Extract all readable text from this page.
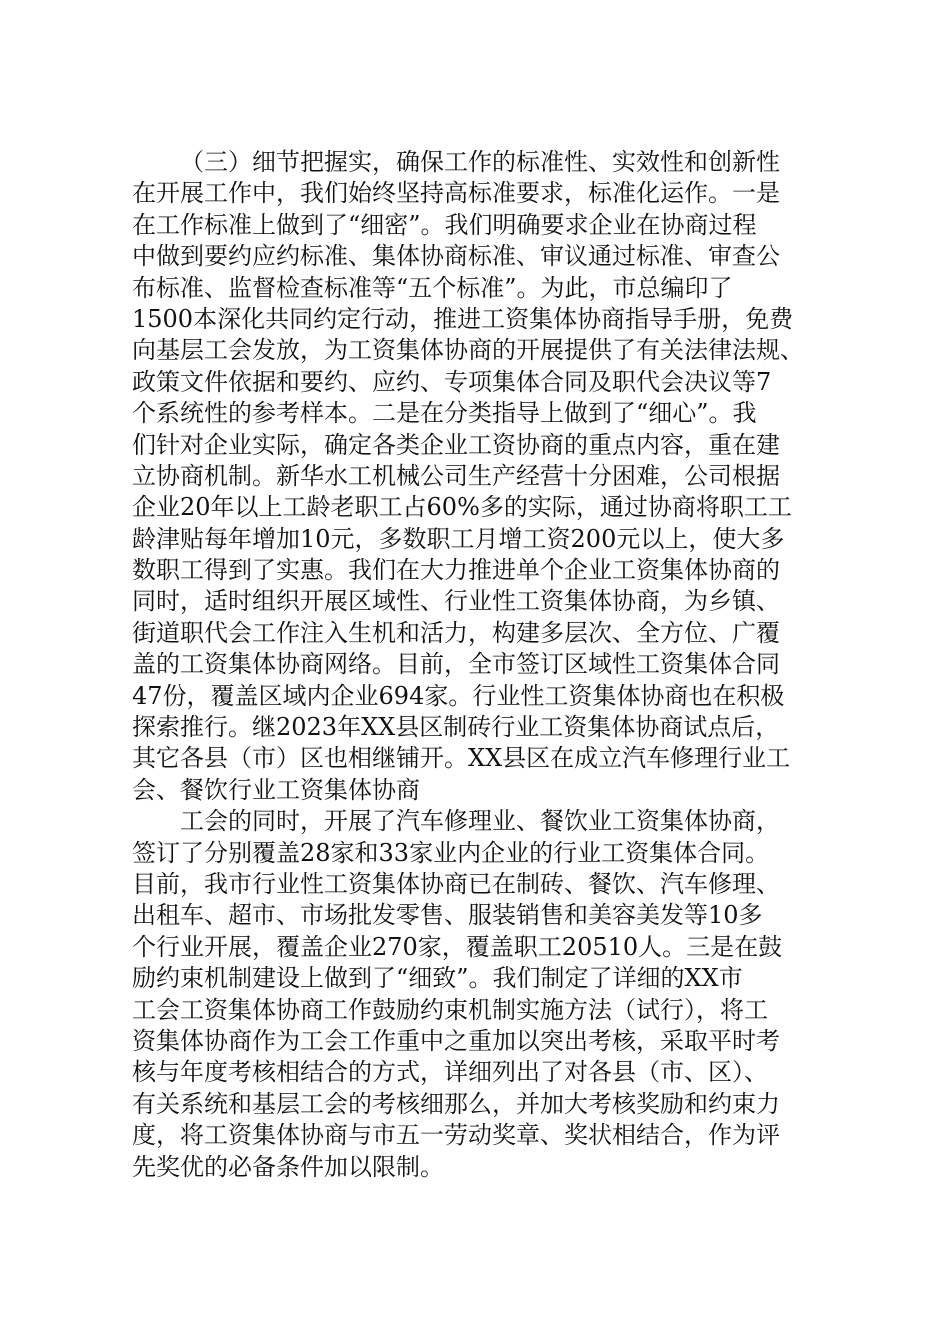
（三）细节把握实，确保工作的标准性、实效性和创新性
在开展工作中，我们始终坚持高标准要求，标准化运作。一是
在工作标准上做到了“细密”。我们明确要求企业在协商过程
中做到要约应约标准、集体协商标准、审议通过标准、审查公
布标准、监督检查标准等“五个标准”。为此，市总编印了
1500本深化共同约定行动，推进工资集体协商指导手册，免费
向基层工会发放，为工资集体协商的开展提供了有关法律法规、
政策文件依据和要约、应约、专项集体合同及职代会决议等7
个系统性的参考样本。二是在分类指导上做到了“细心”。我
们针对企业实际，确定各类企业工资协商的重点内容，重在建
立协商机制。新华水工机械公司生产经营十分困难，公司根据
企业20年以上工龄老职工占60%多的实际，通过协商将职工工
龄津贴每年增加10元，多数职工月增工资200元以上，使大多
数职工得到了实惠。我们在大力推进单个企业工资集体协商的
同时，适时组织开展区域性、行业性工资集体协商，为乡镇、
街道职代会工作注入生机和活力，构建多层次、全方位、广覆
盖的工资集体协商网络。目前，全市签订区域性工资集体合同
47份，覆盖区域内企业694家。行业性工资集体协商也在积极
探索推行。继2023年XX县区制砖行业工资集体协商试点后，
其它各县（市）区也相继铺开。XX县区在成立汽车修理行业工
会、餐饮行业工资集体协商
工会的同时，开展了汽车修理业、餐饮业工资集体协商，
签订了分别覆盖28家和33家业内企业的行业工资集体合同。
目前，我市行业性工资集体协商已在制砖、餐饮、汽车修理、
出租车、超市、市场批发零售、服装销售和美容美发等10多
个行业开展，覆盖企业270家，覆盖职工20510人。三是在鼓
励约束机制建设上做到了“细致”。我们制定了详细的XX市
工会工资集体协商工作鼓励约束机制实施方法（试行），将工
资集体协商作为工会工作重中之重加以突出考核，采取平时考
核与年度考核相结合的方式，详细列出了对各县（市、区）、
有关系统和基层工会的考核细那么，并加大考核奖励和约束力
度，将工资集体协商与市五一劳动奖章、奖状相结合，作为评
先奖优的必备条件加以限制。
